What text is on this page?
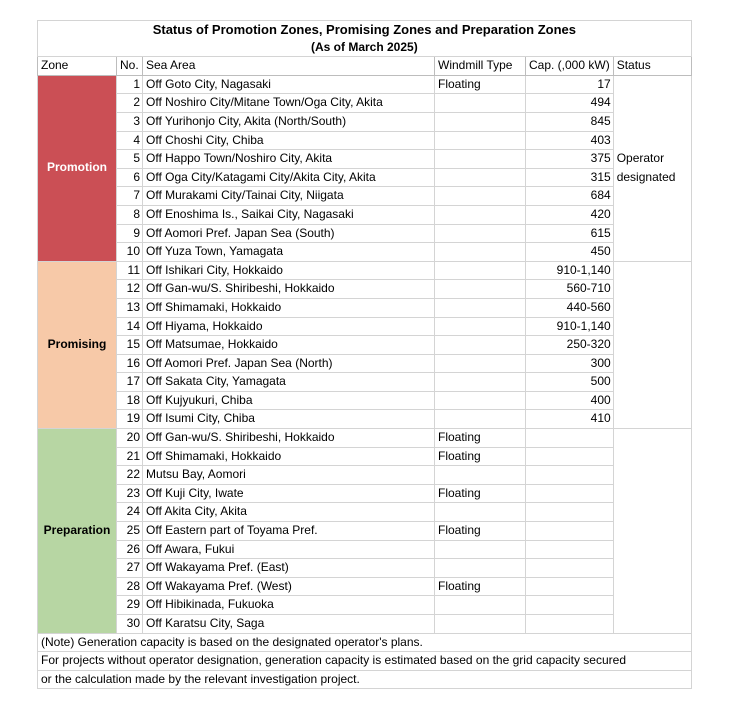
Status of Promotion Zones, Promising Zones and Preparation Zones					
(As of March 2025)					
Zone	No.	Sea Area	Windmill Type	Cap. (,000 kW)	Status
Promotion	1	Off Goto City, Nagasaki	Floating	17	Operator designated
	2	Off Noshiro City/Mitane Town/Oga City, Akita		494	
	3	Off Yurihonjo City, Akita (North/South)		845	
	4	Off Choshi City, Chiba		403	
	5	Off Happo Town/Noshiro City, Akita		375	
	6	Off Oga City/Katagami City/Akita City, Akita		315	
	7	Off Murakami City/Tainai City, Niigata		684	
	8	Off Enoshima Is., Saikai City, Nagasaki		420	
	9	Off Aomori Pref. Japan Sea (South)		615	
	10	Off Yuza Town, Yamagata		450	
Promising	11	Off Ishikari City, Hokkaido		910-1,140	
	12	Off Gan-wu/S. Shiribeshi, Hokkaido		560-710	
	13	Off Shimamaki, Hokkaido		440-560	
	14	Off Hiyama, Hokkaido		910-1,140	
	15	Off Matsumae, Hokkaido		250-320	
	16	Off Aomori Pref. Japan Sea (North)		300	
	17	Off Sakata City, Yamagata		500	
	18	Off Kujyukuri, Chiba		400	
	19	Off Isumi City, Chiba		410	
Preparation	20	Off Gan-wu/S. Shiribeshi, Hokkaido	Floating		
	21	Off Shimamaki, Hokkaido	Floating		
	22	Mutsu Bay, Aomori			
	23	Off Kuji City, Iwate	Floating		
	24	Off Akita City, Akita			
	25	Off Eastern part of Toyama Pref.	Floating		
	26	Off Awara, Fukui			
	27	Off Wakayama Pref. (East)			
	28	Off Wakayama Pref. (West)	Floating		
	29	Off Hibikinada, Fukuoka			
	30	Off Karatsu City, Saga			
(Note) Generation capacity is based on the designated operator's plans.					
For projects without operator designation, generation capacity is estimated based on the grid capacity secured					
or the calculation made by the relevant investigation project.					
